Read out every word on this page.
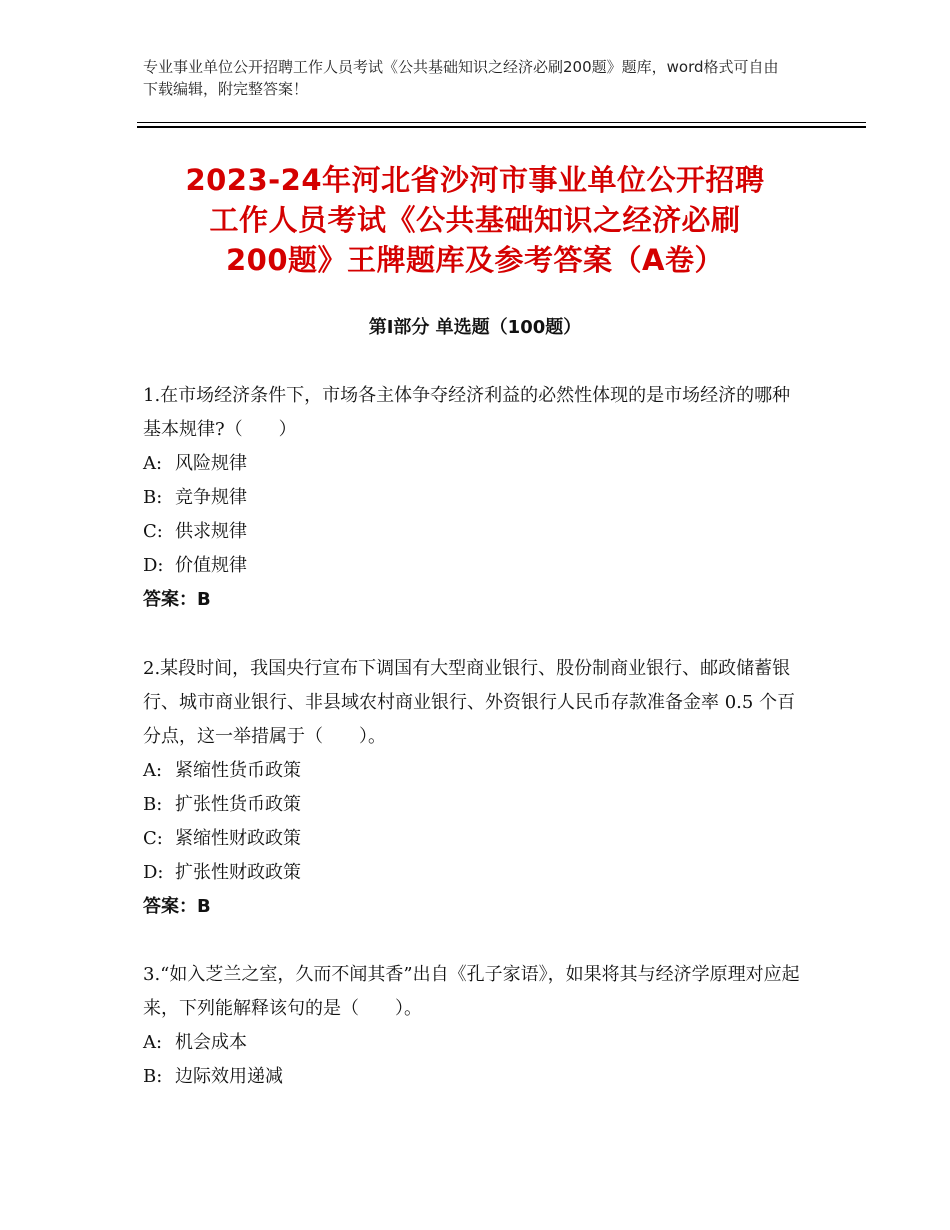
专业事业单位公开招聘工作人员考试《公共基础知识之经济必刷200题》题库，word格式可自由下载编辑，附完整答案！
2023-24年河北省沙河市事业单位公开招聘
工作人员考试《公共基础知识之经济必刷
200题》王牌题库及参考答案（A卷）
第Ⅰ部分 单选题（100题）

1.在市场经济条件下，市场各主体争夺经济利益的必然性体现的是市场经济的哪种基本规律?（　　）

A: 风险规律

B: 竞争规律

C: 供求规律

D: 价值规律

答案：B

2.某段时间，我国央行宣布下调国有大型商业银行、股份制商业银行、邮政储蓄银行、城市商业银行、非县域农村商业银行、外资银行人民币存款准备金率 0.5 个百分点，这一举措属于（　　）。

A: 紧缩性货币政策

B: 扩张性货币政策

C: 紧缩性财政政策

D: 扩张性财政政策

答案：B

3.“如入芝兰之室，久而不闻其香”出自《孔子家语》，如果将其与经济学原理对应起来，下列能解释该句的是（　　）。

A: 机会成本

B: 边际效用递减
